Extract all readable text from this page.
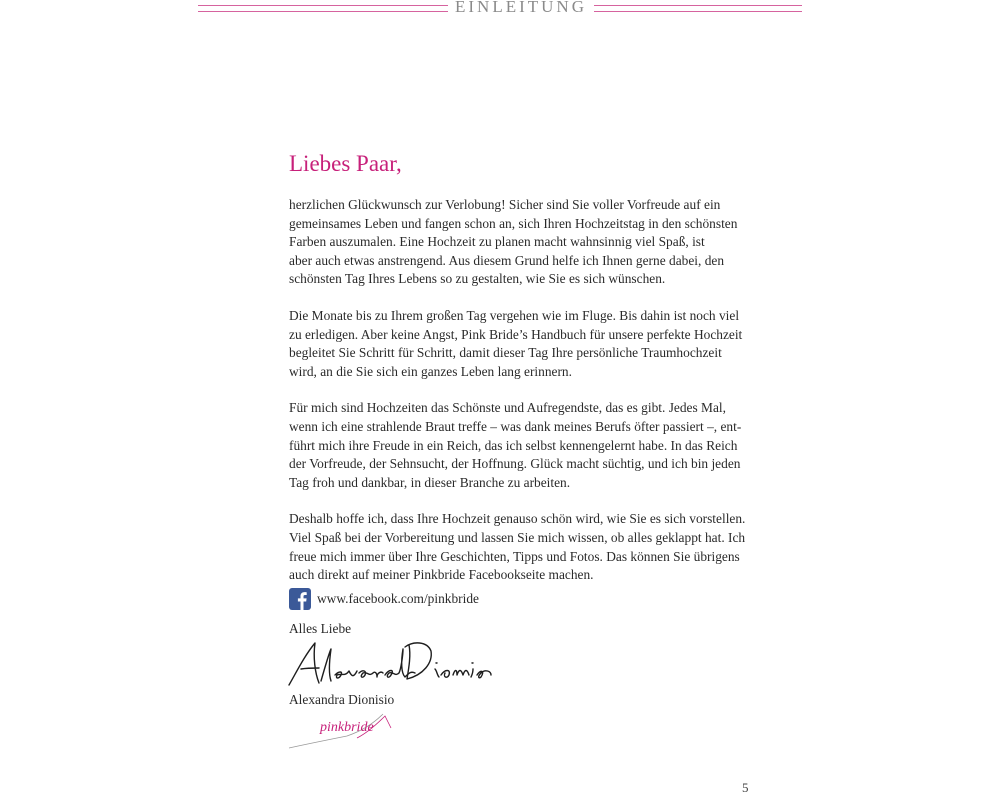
EINLEITUNG
Liebes Paar,
herzlichen Glückwunsch zur Verlobung! Sicher sind Sie voller Vorfreude auf ein
gemeinsames Leben und fangen schon an, sich Ihren Hochzeitstag in den schönsten
Farben auszumalen. Eine Hochzeit zu planen macht wahnsinnig viel Spaß, ist
aber auch etwas anstrengend. Aus diesem Grund helfe ich Ihnen gerne dabei, den
schönsten Tag Ihres Lebens so zu gestalten, wie Sie es sich wünschen.
Die Monate bis zu Ihrem großen Tag vergehen wie im Fluge. Bis dahin ist noch viel
zu erledigen. Aber keine Angst, Pink Bride’s Handbuch für unsere perfekte Hochzeit
begleitet Sie Schritt für Schritt, damit dieser Tag Ihre persönliche Traumhochzeit
wird, an die Sie sich ein ganzes Leben lang erinnern.
Für mich sind Hochzeiten das Schönste und Aufregendste, das es gibt. Jedes Mal,
wenn ich eine strahlende Braut treffe – was dank meines Berufs öfter passiert –, ent-
führt mich ihre Freude in ein Reich, das ich selbst kennengelernt habe. In das Reich
der Vorfreude, der Sehnsucht, der Hoffnung. Glück macht süchtig, und ich bin jeden
Tag froh und dankbar, in dieser Branche zu arbeiten.
Deshalb hoffe ich, dass Ihre Hochzeit genauso schön wird, wie Sie es sich vorstellen.
Viel Spaß bei der Vorbereitung und lassen Sie mich wissen, ob alles geklappt hat. Ich
freue mich immer über Ihre Geschichten, Tipps und Fotos. Das können Sie übrigens
auch direkt auf meiner Pinkbride Facebookseite machen.
www.facebook.com/pinkbride
Alles Liebe
Alexandra Dionisio
pinkbride
5
